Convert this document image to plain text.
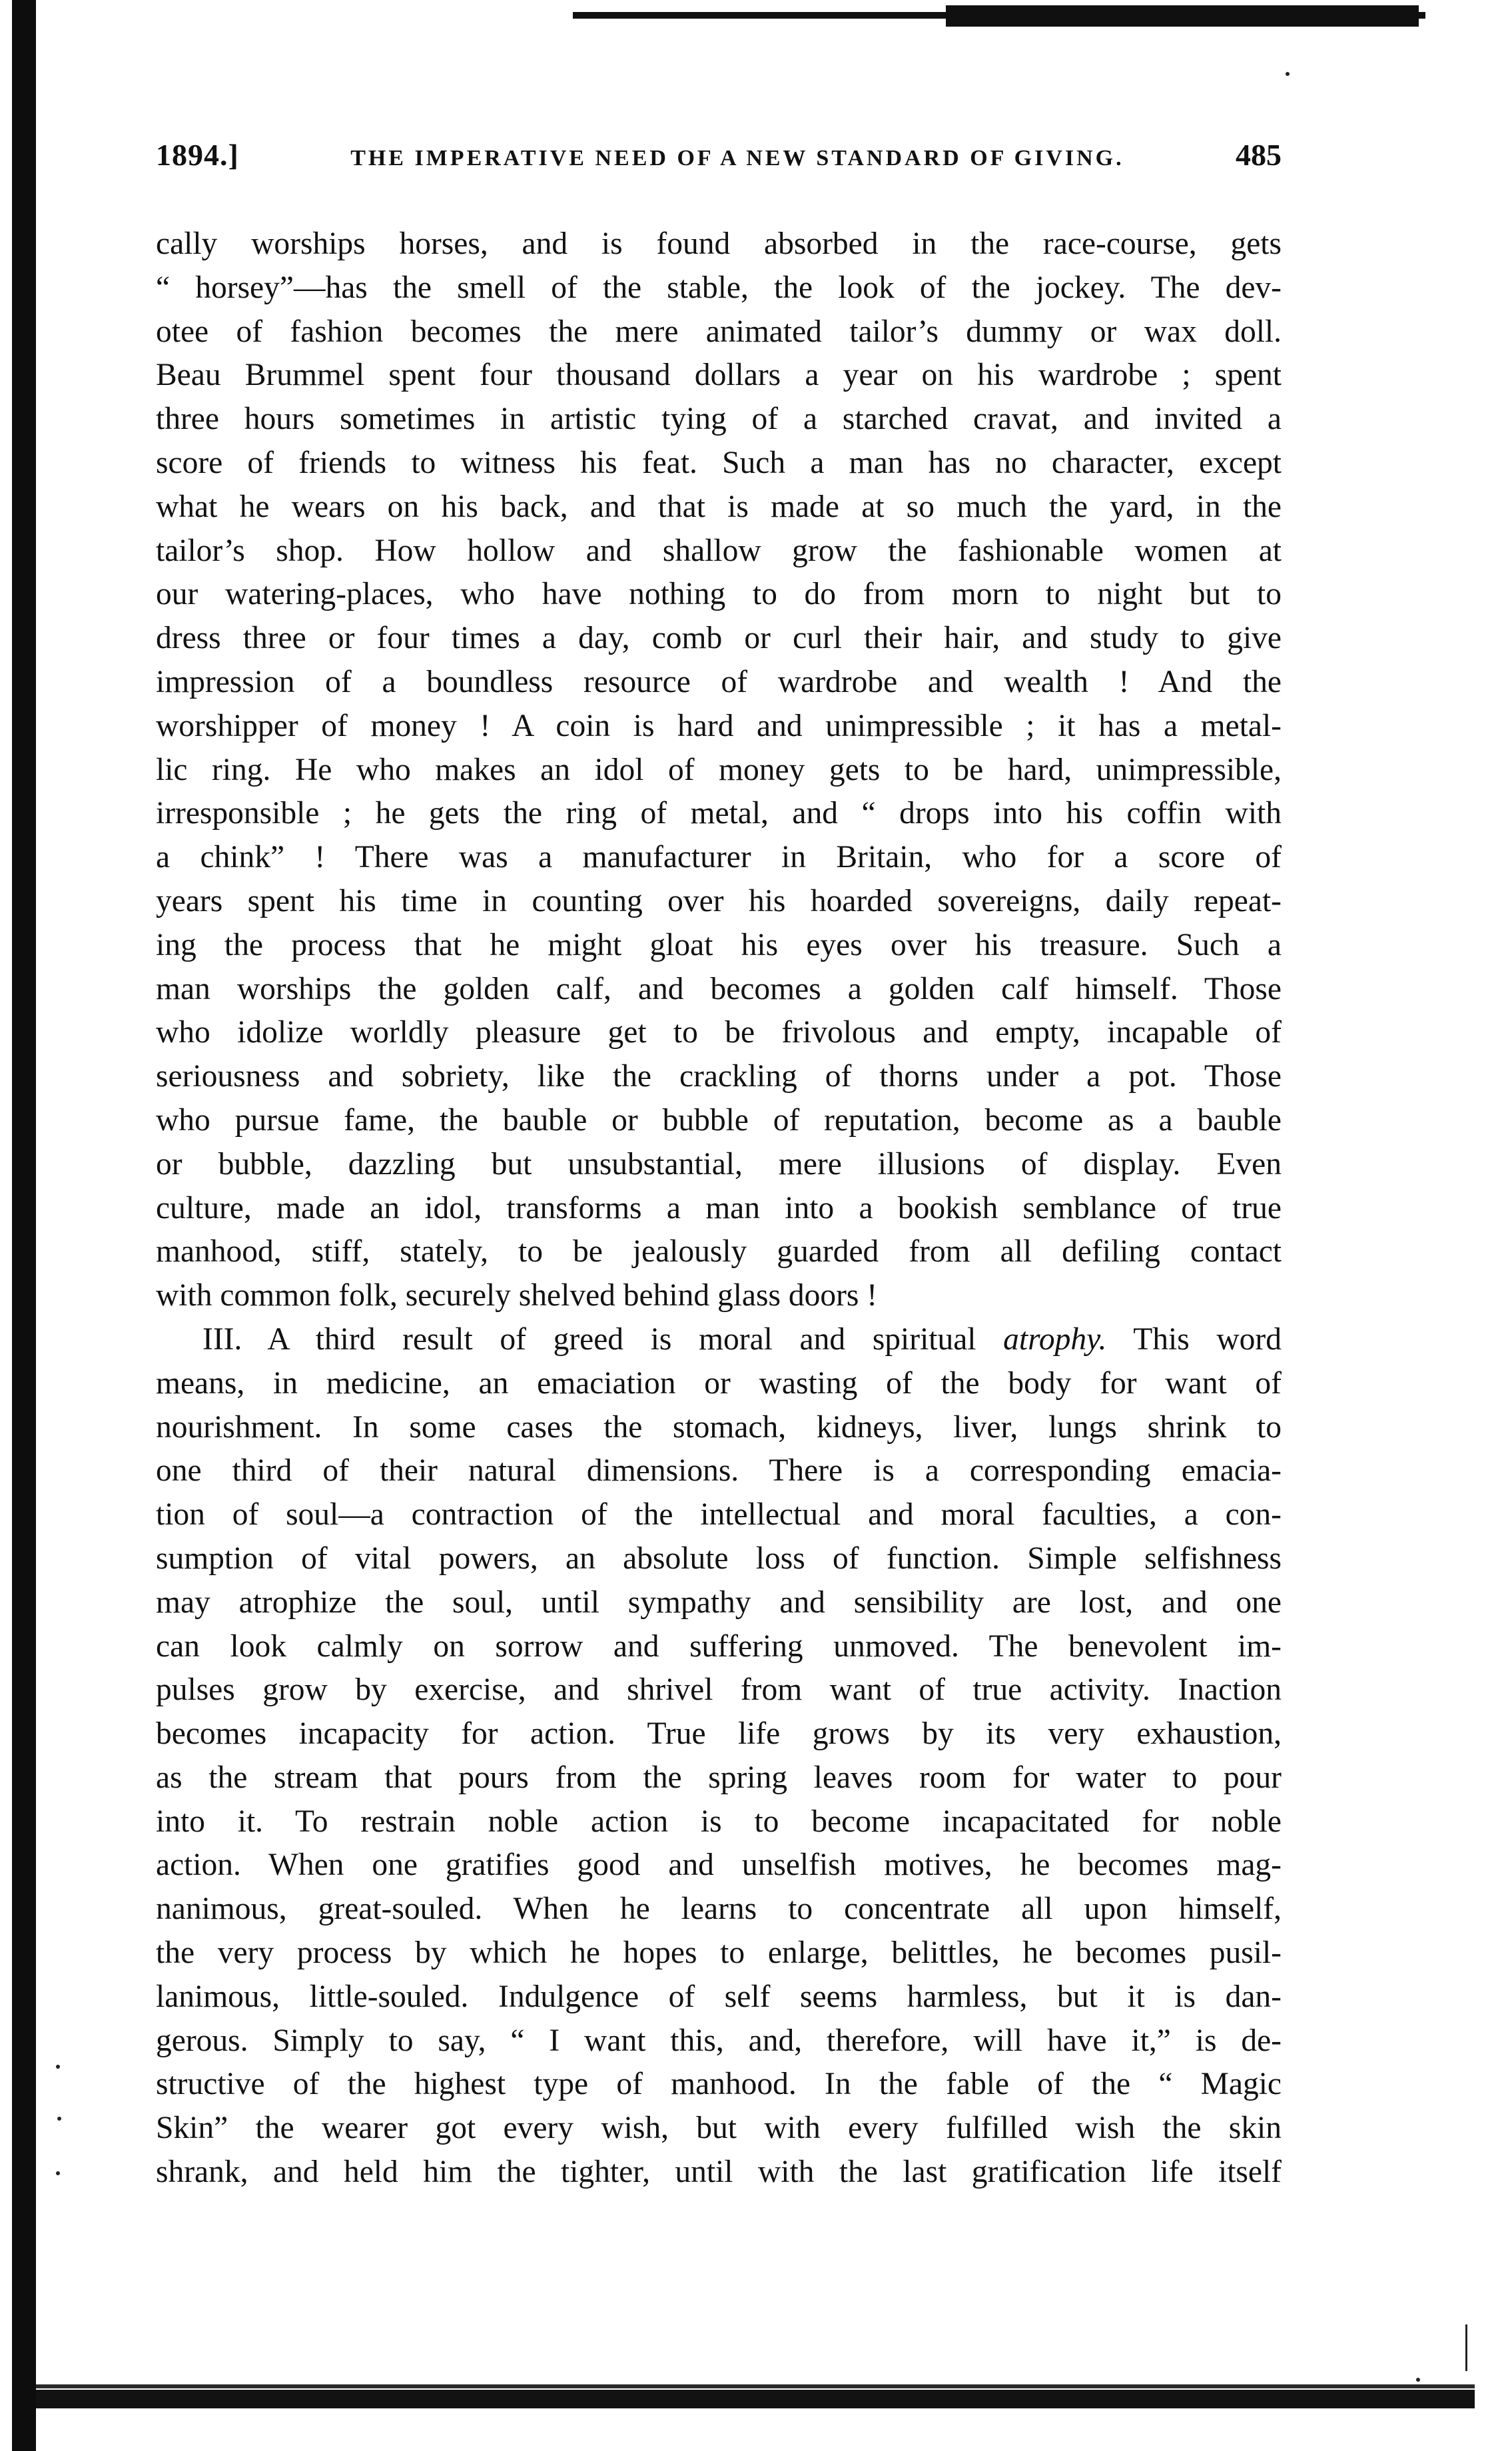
1894.]	THE IMPERATIVE NEED OF A NEW STANDARD OF GIVING.	485
cally worships horses, and is found absorbed in the race-course, gets
“ horsey”—has the smell of the stable, the look of the jockey. The dev-
otee of fashion becomes the mere animated tailor’s dummy or wax doll.
Beau Brummel spent four thousand dollars a year on his wardrobe ; spent
three hours sometimes in artistic tying of a starched cravat, and invited a
score of friends to witness his feat. Such a man has no character, except
what he wears on his back, and that is made at so much the yard, in the
tailor’s shop. How hollow and shallow grow the fashionable women at
our watering-places, who have nothing to do from morn to night but to
dress three or four times a day, comb or curl their hair, and study to give
impression of a boundless resource of wardrobe and wealth ! And the
worshipper of money ! A coin is hard and unimpressible ; it has a metal-
lic ring. He who makes an idol of money gets to be hard, unimpressible,
irresponsible ; he gets the ring of metal, and “ drops into his coffin with
a chink” ! There was a manufacturer in Britain, who for a score of
years spent his time in counting over his hoarded sovereigns, daily repeat-
ing the process that he might gloat his eyes over his treasure. Such a
man worships the golden calf, and becomes a golden calf himself. Those
who idolize worldly pleasure get to be frivolous and empty, incapable of
seriousness and sobriety, like the crackling of thorns under a pot. Those
who pursue fame, the bauble or bubble of reputation, become as a bauble
or bubble, dazzling but unsubstantial, mere illusions of display. Even
culture, made an idol, transforms a man into a bookish semblance of true
manhood, stiff, stately, to be jealously guarded from all defiling contact
with common folk, securely shelved behind glass doors !
III. A third result of greed is moral and spiritual atrophy. This word
means, in medicine, an emaciation or wasting of the body for want of
nourishment. In some cases the stomach, kidneys, liver, lungs shrink to
one third of their natural dimensions. There is a corresponding emacia-
tion of soul—a contraction of the intellectual and moral faculties, a con-
sumption of vital powers, an absolute loss of function. Simple selfishness
may atrophize the soul, until sympathy and sensibility are lost, and one
can look calmly on sorrow and suffering unmoved. The benevolent im-
pulses grow by exercise, and shrivel from want of true activity. Inaction
becomes incapacity for action. True life grows by its very exhaustion,
as the stream that pours from the spring leaves room for water to pour
into it. To restrain noble action is to become incapacitated for noble
action. When one gratifies good and unselfish motives, he becomes mag-
nanimous, great-souled. When he learns to concentrate all upon himself,
the very process by which he hopes to enlarge, belittles, he becomes pusil-
lanimous, little-souled. Indulgence of self seems harmless, but it is dan-
gerous. Simply to say, “ I want this, and, therefore, will have it,” is de-
structive of the highest type of manhood. In the fable of the “ Magic
Skin” the wearer got every wish, but with every fulfilled wish the skin
shrank, and held him the tighter, until with the last gratification life itself
